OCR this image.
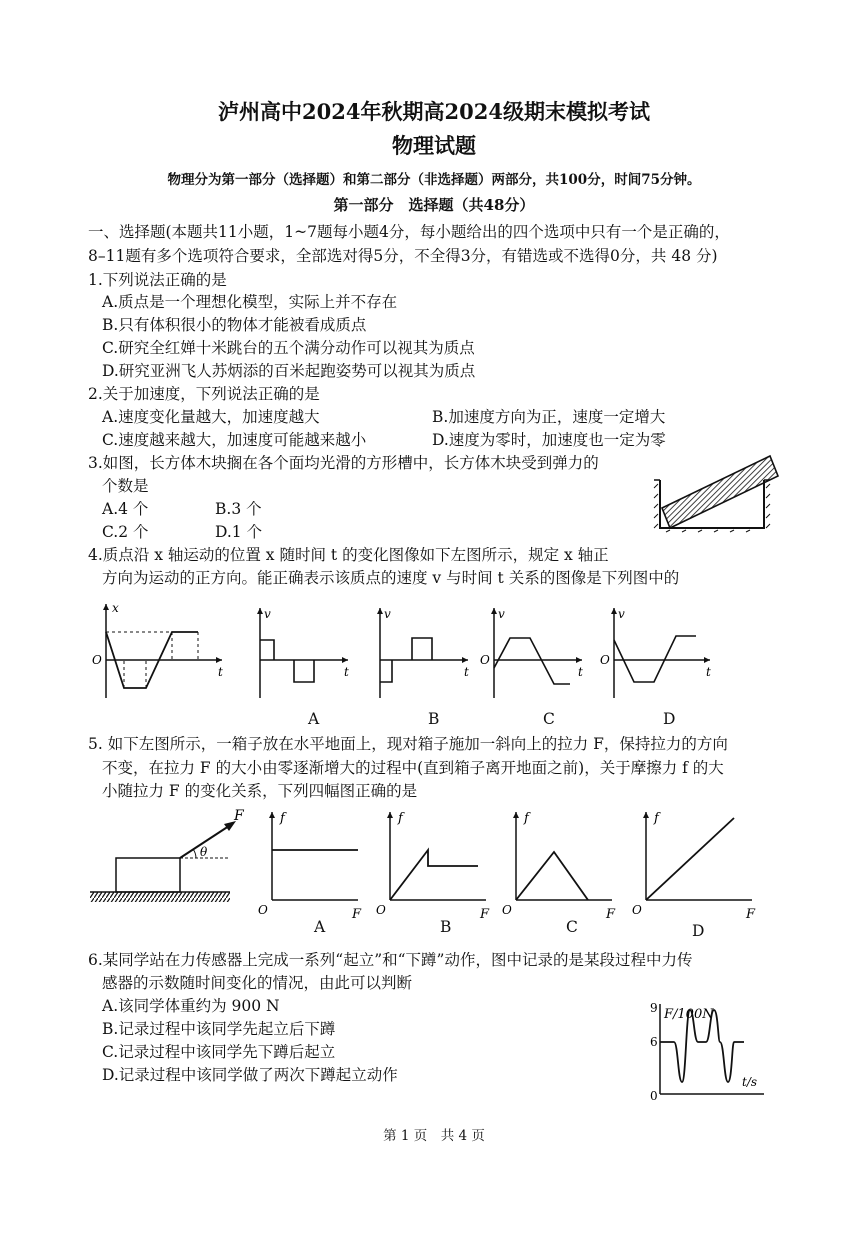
泸州高中2024年秋期高2024级期末模拟考试
物理试题
物理分为第一部分（选择题）和第二部分（非选择题）两部分，共100分，时间75分钟。
第一部分　选择题（共48分）
一、选择题(本题共11小题，1~7题每小题4分，每小题给出的四个选项中只有一个是正确的，
8–11题有多个选项符合要求，全部选对得5分，不全得3分，有错选或不选得0分，共 48 分)
1.下列说法正确的是
A.质点是一个理想化模型，实际上并不存在
B.只有体积很小的物体才能被看成质点
C.研究全红婵十米跳台的五个满分动作可以视其为质点
D.研究亚洲飞人苏炳添的百米起跑姿势可以视其为质点
2.关于加速度，下列说法正确的是
A.速度变化量越大，加速度越大	B.加速度方向为正，速度一定增大
C.速度越来越大，加速度可能越来越小	D.速度为零时，加速度也一定为零
3.如图，长方体木块搁在各个面均光滑的方形槽中，长方体木块受到弹力的
个数是
A.4 个	B.3 个
C.2 个	D.1 个
4.质点沿 x 轴运动的位置 x 随时间 t 的变化图像如下左图所示，规定 x 轴正
方向为运动的正方向。能正确表示该质点的速度 v 与时间 t 关系的图像是下列图中的
x
t
O
v
t
v
t
v
t
O
v
t
O
A	B	C	D
5. 如下左图所示，一箱子放在水平地面上，现对箱子施加一斜向上的拉力 F，保持拉力的方向
不变，在拉力 F 的大小由零逐渐增大的过程中(直到箱子离开地面之前)，关于摩擦力 f 的大
小随拉力 F 的变化关系，下列四幅图正确的是
θ
F	f
O	F
f
O	F
f
O	F
f
O	F
A	B	C	D
6.某同学站在力传感器上完成一系列“起立”和“下蹲”动作，图中记录的是某段过程中力传
感器的示数随时间变化的情况，由此可以判断
A.该同学体重约为 900 N
B.记录过程中该同学先起立后下蹲
C.记录过程中该同学先下蹲后起立
D.记录过程中该同学做了两次下蹲起立动作
F/100N
t/s
9
6
0
第 1 页　共 4 页
